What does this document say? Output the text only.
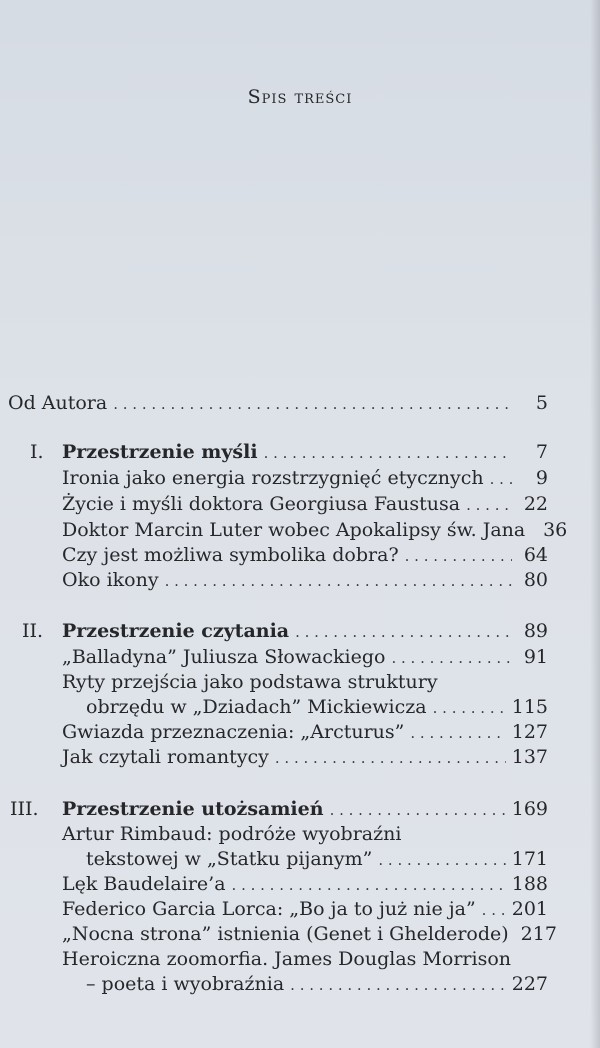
Spis treści
Od Autora . . .	5
I. Przestrzenie myśli . . .	7
Ironia jako energia rozstrzygnięć etycznych . . .	9
Życie i myśli doktora Georgiusa Faustusa . . .	22
Doktor Marcin Luter wobec Apokalipsy św. Jana 36
Czy jest możliwa symbolika dobra? . . .	64
Oko ikony . . .	80
II. Przestrzenie czytania . . .	89
„Balladyna” Juliusza Słowackiego . . .	91
Ryty przejścia jako podstawa struktury
obrzędu w „Dziadach” Mickiewicza . . .	115
Gwiazda przeznaczenia: „Arcturus” . . .	127
Jak czytali romantycy . . .	137
III. Przestrzenie utożsamień . . .	169
Artur Rimbaud: podróże wyobraźni
tekstowej w „Statku pijanym” . . .	171
Lęk Baudelaire’a . . .	188
Federico Garcia Lorca: „Bo ja to już nie ja” . . . 201
„Nocna strona” istnienia (Genet i Ghelderode) 217
Heroiczna zoomorfia. James Douglas Morrison
– poeta i wyobraźnia . . .	227
